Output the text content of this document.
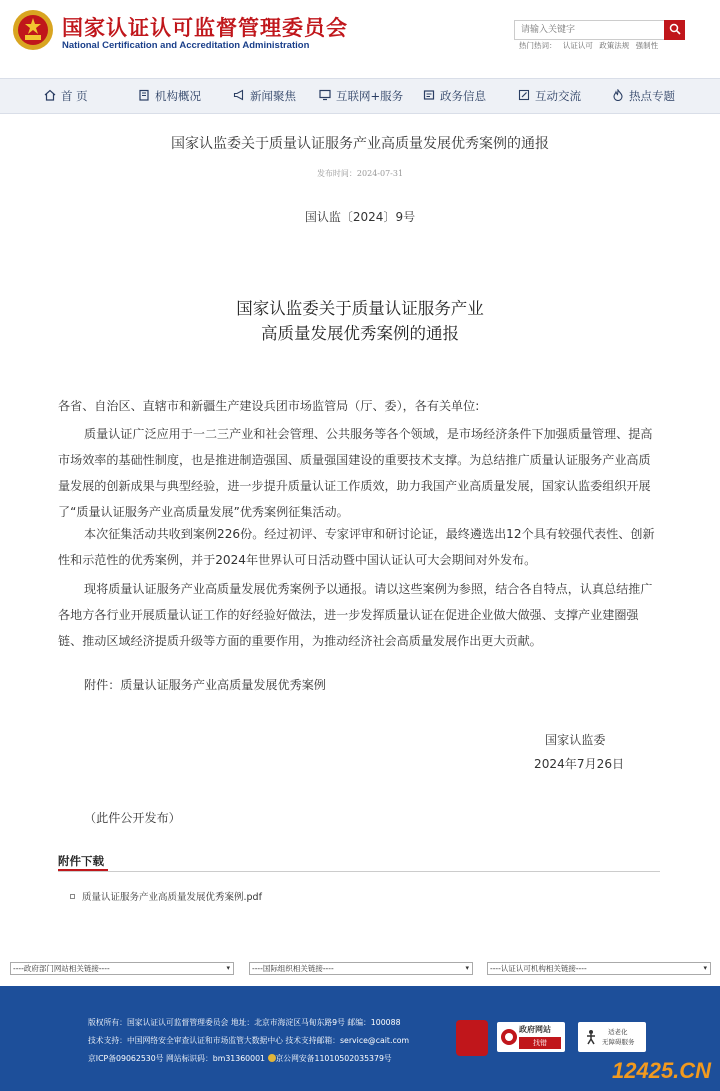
国家认证认可监督管理委员会
National Certification and Accreditation Administration
请输入关键字	热门热词： 认证认可 政策法规 强制性
首 页	机构概况	新闻聚焦	互联网+服务	政务信息	互动交流	热点专题
国家认监委关于质量认证服务产业高质量发展优秀案例的通报
发布时间：2024-07-31
国认监〔2024〕9号
国家认监委关于质量认证服务产业
高质量发展优秀案例的通报
各省、自治区、直辖市和新疆生产建设兵团市场监管局（厅、委），各有关单位:
质量认证广泛应用于一二三产业和社会管理、公共服务等各个领域，是市场经济条件下加强质量管理、提高市场效率的基础性制度，也是推进制造强国、质量强国建设的重要技术支撑。为总结推广质量认证服务产业高质量发展的创新成果与典型经验，进一步提升质量认证工作质效，助力我国产业高质量发展，国家认监委组织开展了“质量认证服务产业高质量发展”优秀案例征集活动。
本次征集活动共收到案例226份。经过初评、专家评审和研讨论证，最终遴选出12个具有较强代表性、创新性和示范性的优秀案例，并于2024年世界认可日活动暨中国认证认可大会期间对外发布。
现将质量认证服务产业高质量发展优秀案例予以通报。请以这些案例为参照，结合各自特点，认真总结推广各地方各行业开展质量认证工作的好经验好做法，进一步发挥质量认证在促进企业做大做强、支撑产业建圈强链、推动区域经济提质升级等方面的重要作用，为推动经济社会高质量发展作出更大贡献。
附件：质量认证服务产业高质量发展优秀案例
国家认监委
2024年7月26日
（此件公开发布）
附件下载
质量认证服务产业高质量发展优秀案例.pdf
----政府部门网站相关链接----	▾	----国际组织相关链接----	▾	----认证认可机构相关链接----	▾
版权所有：国家认证认可监督管理委员会 地址：北京市海淀区马甸东路9号 邮编：100088
技术支持：中国网络安全审查认证和市场监管大数据中心 技术支持邮箱：service@cait.com
京ICP备09062530号 网站标识码：bm31360001 京公网安备11010502035379号
政府网站
找错
适老化
无障碍服务
12425.CN
